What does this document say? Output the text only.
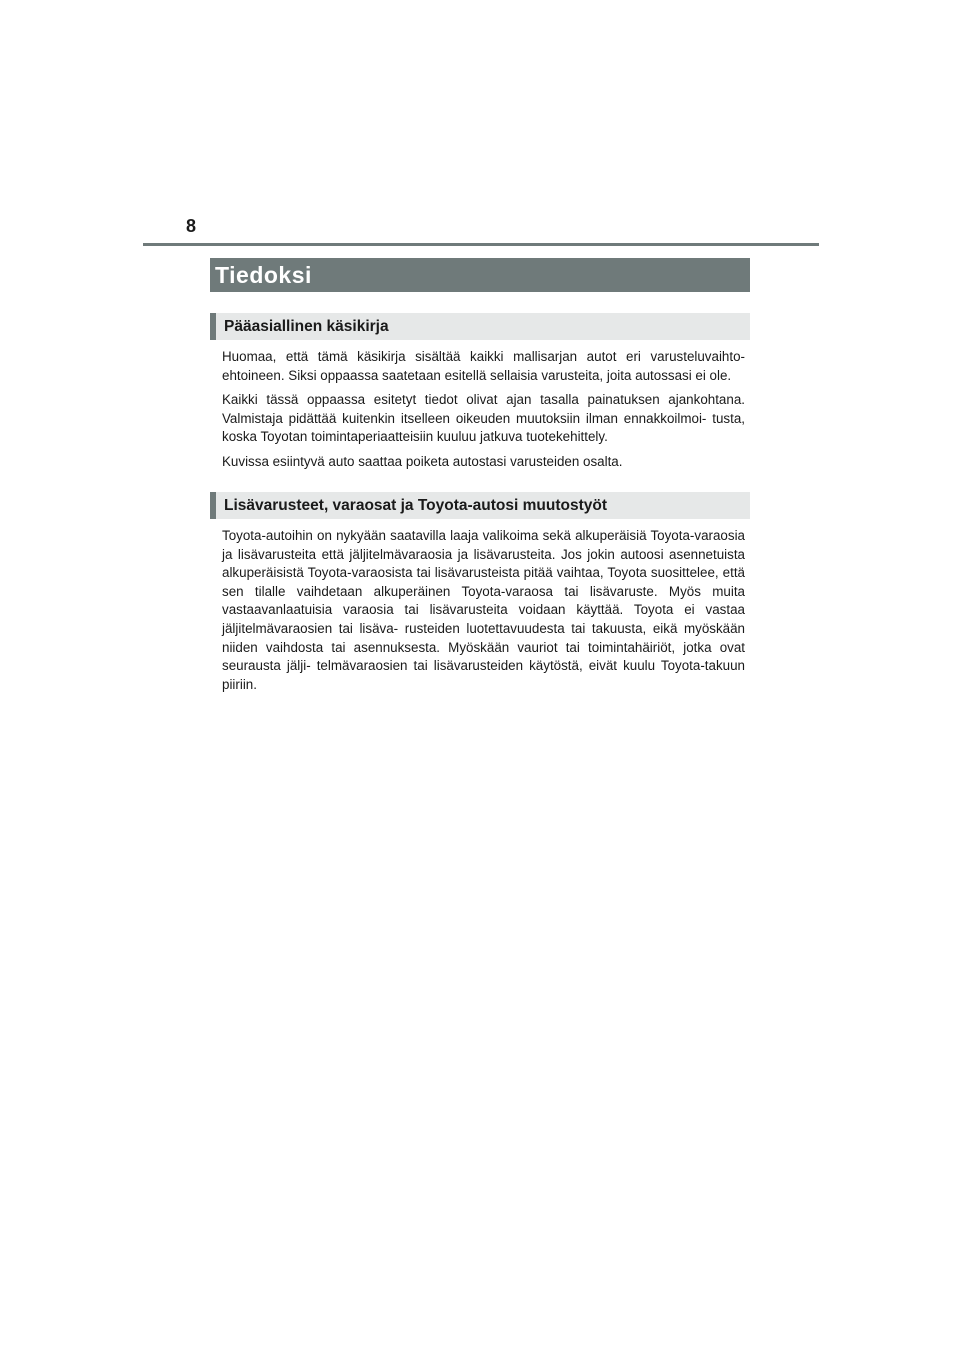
8
Tiedoksi
Pääasiallinen käsikirja

Huomaa, että tämä käsikirja sisältää kaikki mallisarjan autot eri varusteluvaihto- ehtoineen. Siksi oppaassa saatetaan esitellä sellaisia varusteita, joita autossasi ei ole.

Kaikki tässä oppaassa esitetyt tiedot olivat ajan tasalla painatuksen ajankohtana. Valmistaja pidättää kuitenkin itselleen oikeuden muutoksiin ilman ennakkoilmoi- tusta, koska Toyotan toimintaperiaatteisiin kuuluu jatkuva tuotekehittely.

Kuvissa esiintyvä auto saattaa poiketa autostasi varusteiden osalta.

Lisävarusteet, varaosat ja Toyota-autosi muutostyöt

Toyota-autoihin on nykyään saatavilla laaja valikoima sekä alkuperäisiä Toyota-varaosia ja lisävarusteita että jäljitelmävaraosia ja lisävarusteita. Jos jokin autoosi asennetuista alkuperäisistä Toyota-varaosista tai lisävarusteista pitää vaihtaa, Toyota suosittelee, että sen tilalle vaihdetaan alkuperäinen Toyota-varaosa tai lisävaruste. Myös muita vastaavanlaatuisia varaosia tai lisävarusteita voidaan käyttää. Toyota ei vastaa jäljitelmävaraosien tai lisäva- rusteiden luotettavuudesta tai takuusta, eikä myöskään niiden vaihdosta tai asennuksesta. Myöskään vauriot tai toimintahäiriöt, jotka ovat seurausta jälji- telmävaraosien tai lisävarusteiden käytöstä, eivät kuulu Toyota-takuun piiriin.
